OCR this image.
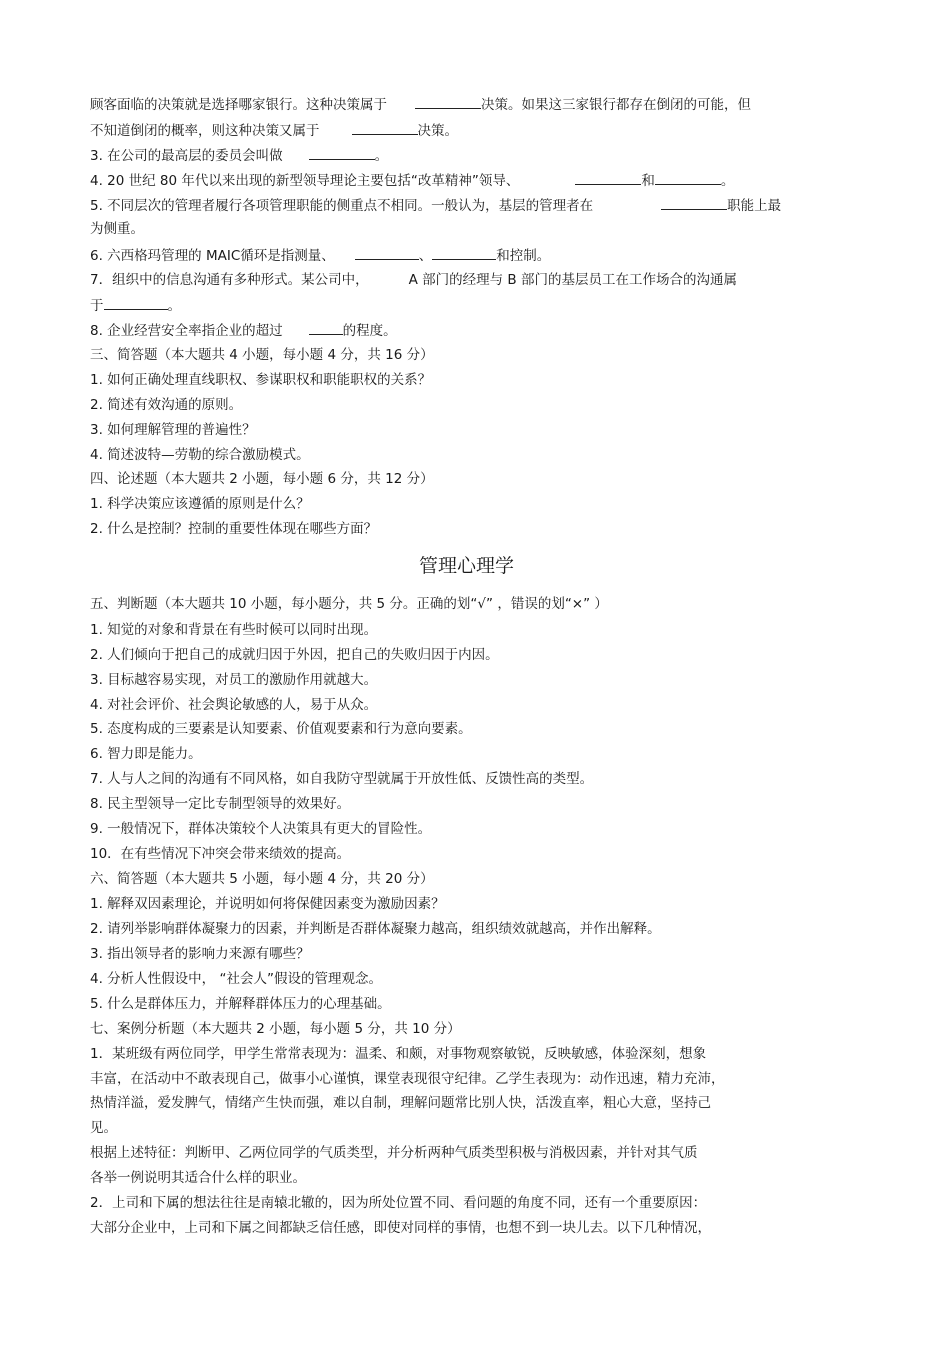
顾客面临的决策就是选择哪家银行。这种决策属于	决策。如果这三家银行都存在倒闭的可能，但
不知道倒闭的概率，则这种决策又属于	决策。
3. 在公司的最高层的委员会叫做	。
4. 20 世纪 80 年代以来出现的新型领导理论主要包括“改革精神”领导、	和	。
5. 不同层次的管理者履行各项管理职能的侧重点不相同。一般认为，基层的管理者在	职能上最
为侧重。
6. 六西格玛管理的 MAIC循环是指测量、	、	和控制。
7．组织中的信息沟通有多种形式。某公司中，	A 部门的经理与 B 部门的基层员工在工作场合的沟通属
于	。
8. 企业经营安全率指企业的超过	的程度。
三、简答题（本大题共 4 小题，每小题 4 分，共 16 分）
1. 如何正确处理直线职权、参谋职权和职能职权的关系？
2. 简述有效沟通的原则。
3. 如何理解管理的普遍性？
4. 简述波特—劳勒的综合激励模式。
四、论述题（本大题共 2 小题，每小题 6 分，共 12 分）
1. 科学决策应该遵循的原则是什么？
2. 什么是控制？控制的重要性体现在哪些方面？
管理心理学
五、判断题（本大题共 10 小题，每小题分，共 5 分。正确的划“√” ，错误的划“×” ）
1. 知觉的对象和背景在有些时候可以同时出现。
2. 人们倾向于把自己的成就归因于外因，把自己的失败归因于内因。
3. 目标越容易实现，对员工的激励作用就越大。
4. 对社会评价、社会舆论敏感的人，易于从众。
5. 态度构成的三要素是认知要素、价值观要素和行为意向要素。
6. 智力即是能力。
7. 人与人之间的沟通有不同风格，如自我防守型就属于开放性低、反馈性高的类型。
8. 民主型领导一定比专制型领导的效果好。
9. 一般情况下，群体决策较个人决策具有更大的冒险性。
10．在有些情况下冲突会带来绩效的提高。
六、简答题（本大题共 5 小题，每小题 4 分，共 20 分）
1. 解释双因素理论，并说明如何将保健因素变为激励因素？
2. 请列举影响群体凝聚力的因素，并判断是否群体凝聚力越高，组织绩效就越高，并作出解释。
3. 指出领导者的影响力来源有哪些？
4. 分析人性假设中， “社会人”假设的管理观念。
5. 什么是群体压力，并解释群体压力的心理基础。
七、案例分析题（本大题共 2 小题，每小题 5 分，共 10 分）
1．某班级有两位同学，甲学生常常表现为：温柔、和颇，对事物观察敏锐，反映敏感，体验深刻，想象
丰富，在活动中不敢表现自己，做事小心谨慎，课堂表现很守纪律。乙学生表现为：动作迅速，精力充沛，
热情洋溢，爱发脾气，情绪产生快而强，难以自制，理解问题常比别人快，活泼直率，粗心大意，坚持己
见。
根据上述特征：判断甲、乙两位同学的气质类型，并分析两种气质类型积极与消极因素，并针对其气质
各举一例说明其适合什么样的职业。
2．上司和下属的想法往往是南辕北辙的，因为所处位置不同、看问题的角度不同，还有一个重要原因：
大部分企业中，上司和下属之间都缺乏信任感，即使对同样的事情，也想不到一块儿去。以下几种情况，
